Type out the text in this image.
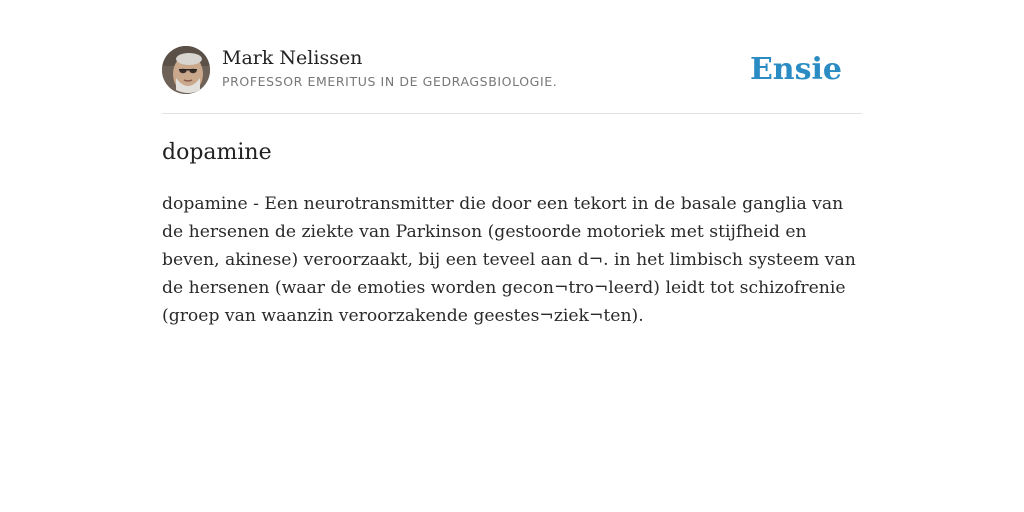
Mark Nelissen
PROFESSOR EMERITUS IN DE GEDRAGSBIOLOGIE.	Ensie
dopamine

dopamine - Een neurotransmitter die door een tekort in de basale ganglia van de hersenen de ziekte van Parkinson (gestoorde motoriek met stijfheid en beven, akinese) veroorzaakt, bij een teveel aan d¬. in het limbisch systeem van de hersenen (waar de emoties worden gecon¬tro¬leerd) leidt tot schizofrenie (groep van waanzin veroorzakende geestes¬ziek¬ten).
